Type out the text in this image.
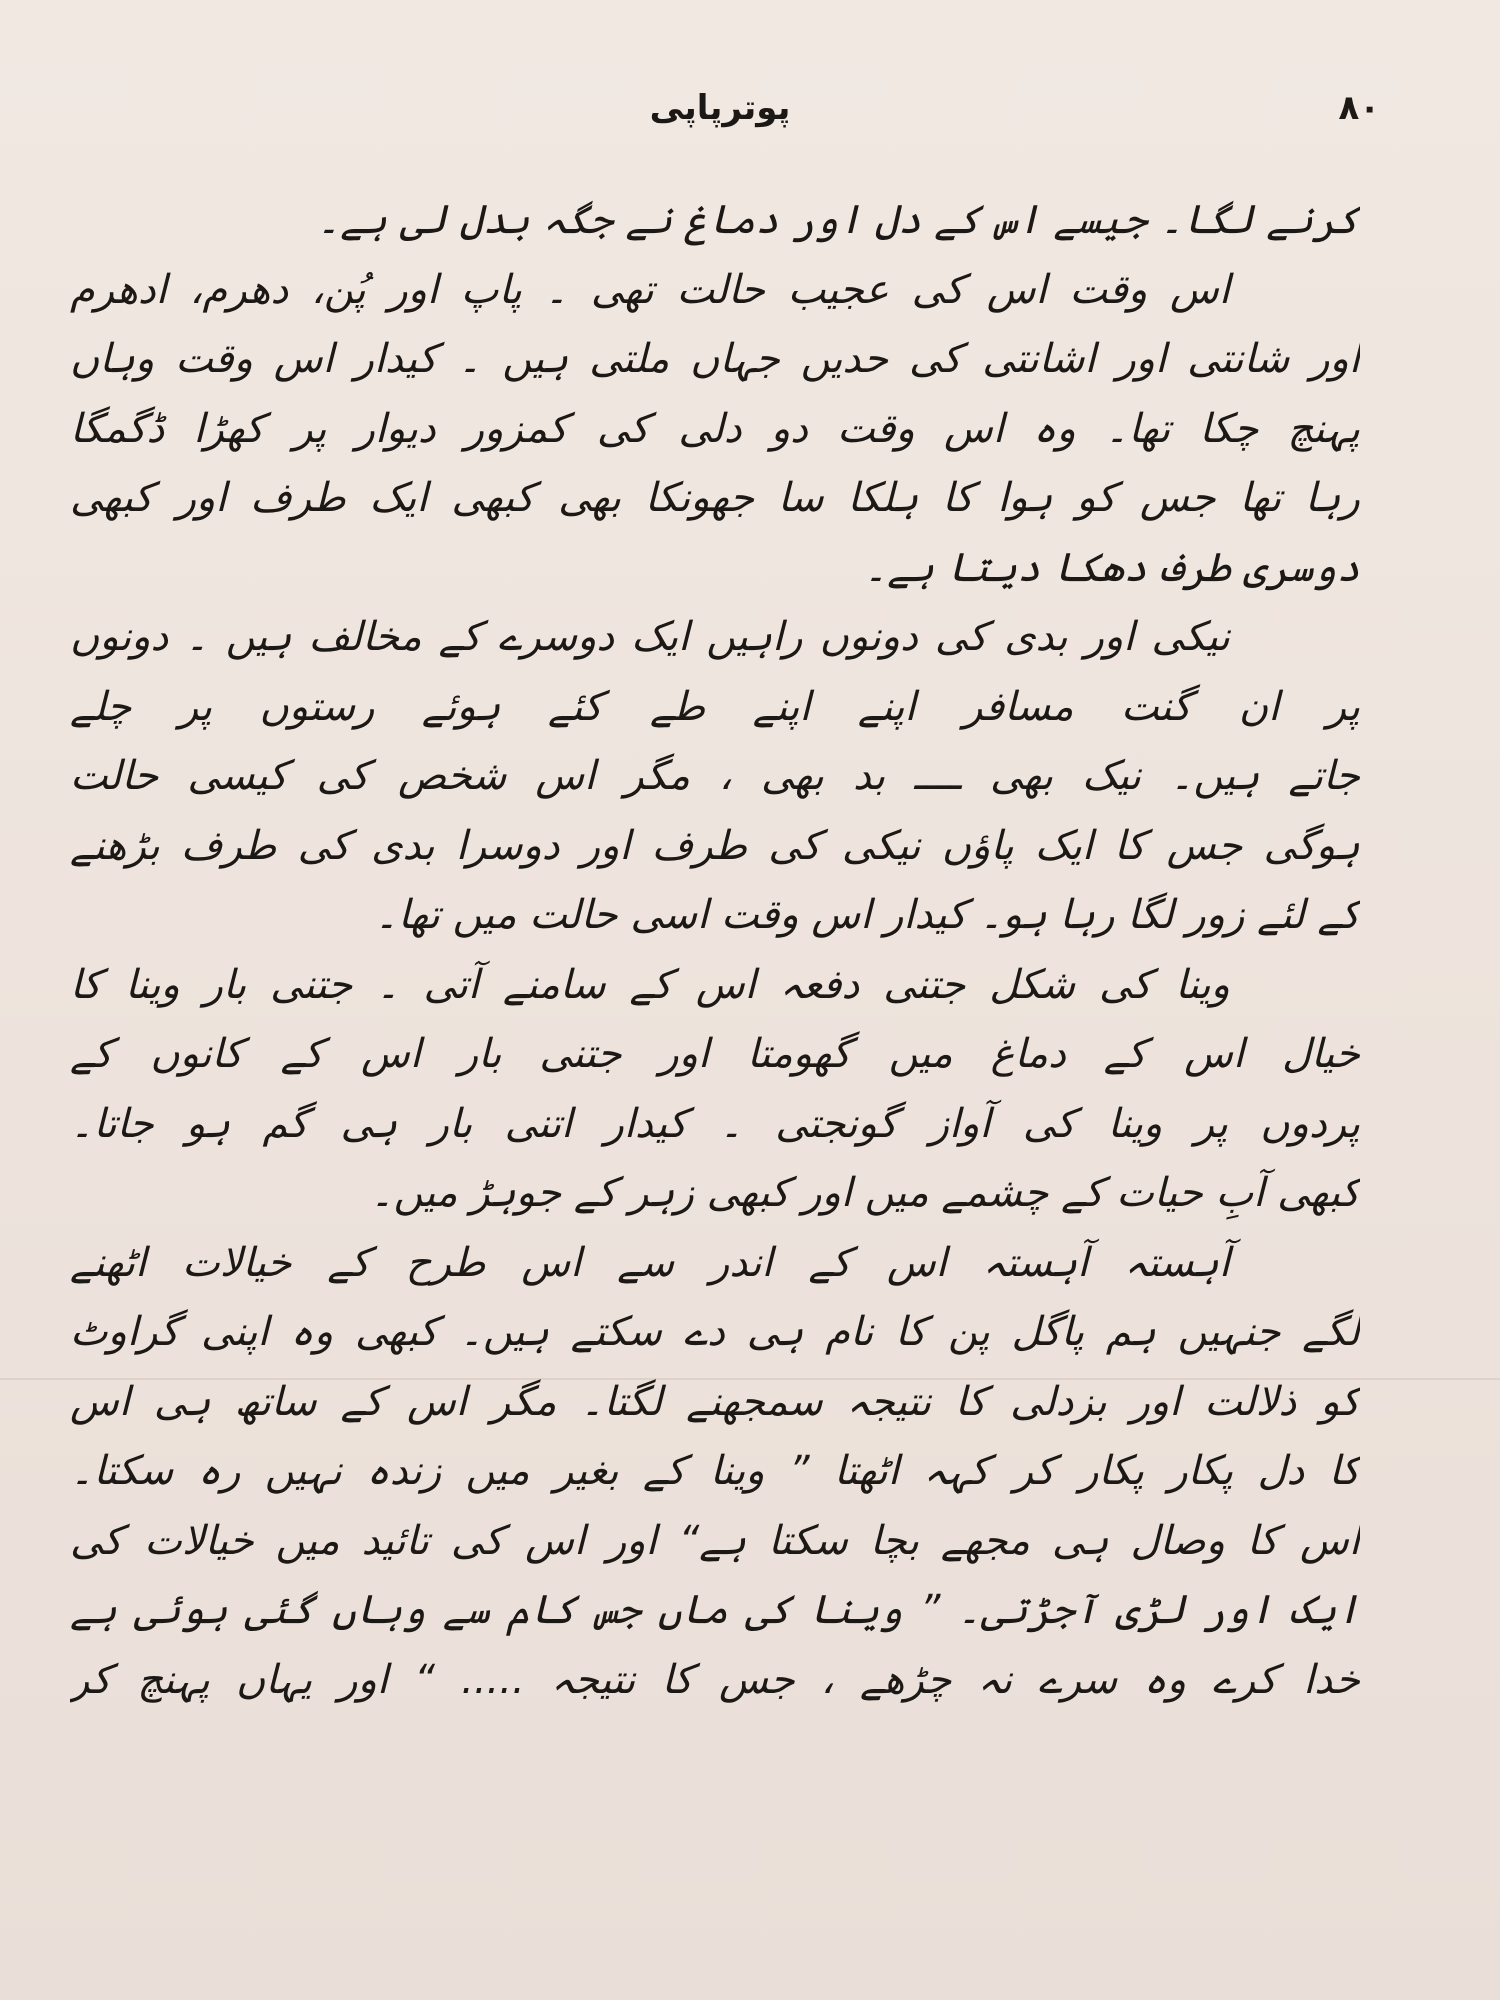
۸۰
پوترپاپی
کرنے لگا۔ جیسے اس کے دل اور دماغ نے جگہ بدل لی ہے۔
اس وقت اس کی عجیب حالت تھی ۔ پاپ اور پُن، دھرم، ادھرم
اور شانتی اور اشانتی کی حدیں جہاں ملتی ہیں ۔ کیدار اس وقت وہاں
پہنچ چکا تھا۔ وہ اس وقت دو دلی کی کمزور دیوار پر کھڑا ڈگمگا
رہا تھا جس کو ہوا کا ہلکا سا جھونکا بھی کبھی ایک طرف اور کبھی
دوسری طرف دھکا دیتا ہے۔
نیکی اور بدی کی دونوں راہیں ایک دوسرے کے مخالف ہیں ۔ دونوں
پر ان گنت مسافر اپنے اپنے طے کئے ہوئے رستوں پر چلے
جاتے ہیں۔ نیک بھی ــــ بد بھی ، مگر اس شخص کی کیسی حالت
ہوگی جس کا ایک پاؤں نیکی کی طرف اور دوسرا بدی کی طرف بڑھنے
کے لئے زور لگا رہا ہو۔ کیدار اس وقت اسی حالت میں تھا۔
وینا کی شکل جتنی دفعہ اس کے سامنے آتی ۔ جتنی بار وینا کا
خیال اس کے دماغ میں گھومتا اور جتنی بار اس کے کانوں کے
پردوں پر وینا کی آواز گونجتی ۔ کیدار اتنی بار ہی گم ہو جاتا۔
کبھی آبِ حیات کے چشمے میں اور کبھی زہر کے جوہڑ میں۔
آہستہ آہستہ اس کے اندر سے اس طرح کے خیالات اٹھنے
لگے جنہیں ہم پاگل پن کا نام ہی دے سکتے ہیں۔ کبھی وہ اپنی گراوٹ
کو ذلالت اور بزدلی کا نتیجہ سمجھنے لگتا۔ مگر اس کے ساتھ ہی اس
کا دل پکار پکار کر کہہ اٹھتا ” وینا کے بغیر میں زندہ نہیں رہ سکتا۔
اس کا وصال ہی مجھے بچا سکتا ہے“ اور اس کی تائید میں خیالات کی
ایک اور لڑی آجڑتی۔ ” وینا کی ماں جس کام سے وہاں گئی ہوئی ہے
خدا کرے وہ سرے نہ چڑھے ، جس کا نتیجہ ..... “ اور یہاں پہنچ کر
